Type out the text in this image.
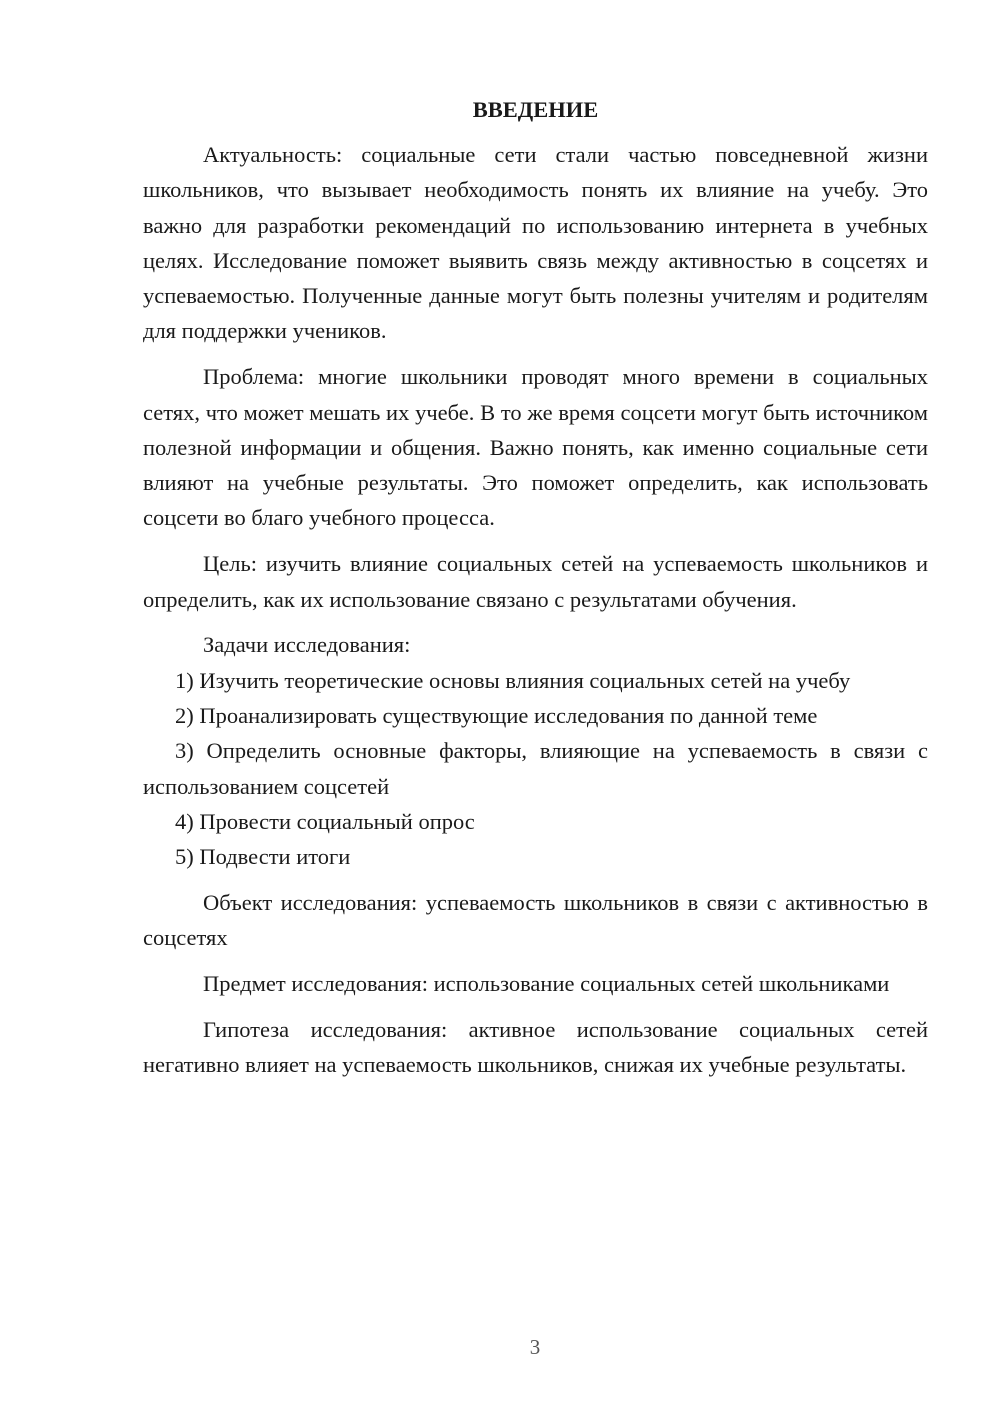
ВВЕДЕНИЕ

Актуальность: социальные сети стали частью повседневной жизни школьников, что вызывает необходимость понять их влияние на учебу. Это важно для разработки рекомендаций по использованию интернета в учебных целях. Исследование поможет выявить связь между активностью в соцсетях и успеваемостью. Полученные данные могут быть полезны учителям и родителям для поддержки учеников.

Проблема: многие школьники проводят много времени в социальных сетях, что может мешать их учебе. В то же время соцсети могут быть источником полезной информации и общения. Важно понять, как именно социальные сети влияют на учебные результаты. Это поможет определить, как использовать соцсети во благо учебного процесса.

Цель: изучить влияние социальных сетей на успеваемость школьников и определить, как их использование связано с результатами обучения.

Задачи исследования:

1) Изучить теоретические основы влияния социальных сетей на учебу

2) Проанализировать существующие исследования по данной теме

3) Определить основные факторы, влияющие на успеваемость в связи с использованием соцсетей

4) Провести социальный опрос

5) Подвести итоги

Объект исследования: успеваемость школьников в связи с активностью в соцсетях

Предмет исследования: использование социальных сетей школьниками

Гипотеза исследования: активное использование социальных сетей негативно влияет на успеваемость школьников, снижая их учебные результаты.

3
